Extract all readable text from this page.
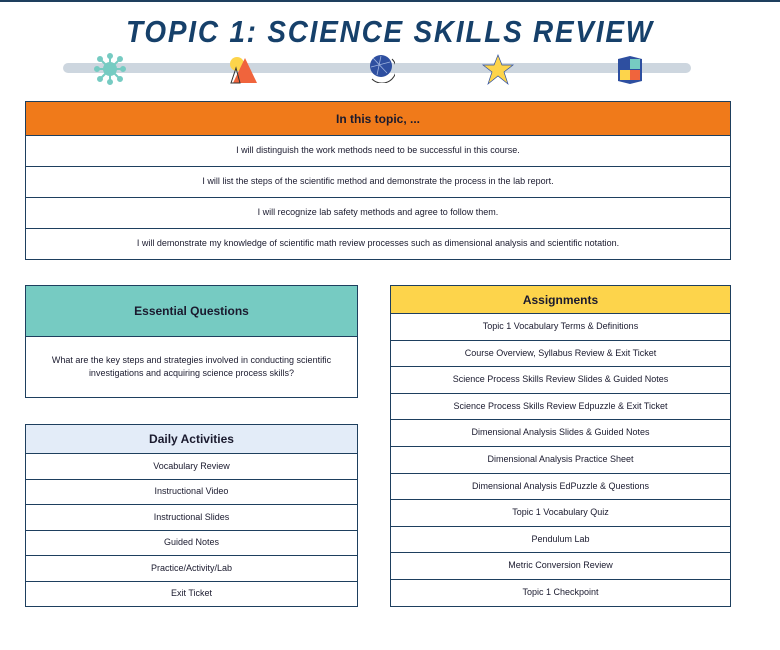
TOPIC 1: SCIENCE SKILLS REVIEW
In this topic, ...
I will distinguish the work methods need to be successful in this course.
I will list the steps of the scientific method and demonstrate the process in the lab report.
I will recognize lab safety methods and agree to follow them.
I will demonstrate my knowledge of scientific math review processes such as dimensional analysis and scientific notation.
Essential Questions
What are the key steps and strategies involved in conducting scientific investigations and acquiring science process skills?
Daily Activities
Vocabulary Review
Instructional Video
Instructional Slides
Guided Notes
Practice/Activity/Lab
Exit Ticket
Assignments
Topic 1 Vocabulary Terms & Definitions
Course Overview, Syllabus Review & Exit Ticket
Science Process Skills Review Slides & Guided Notes
Science Process Skills Review Edpuzzle & Exit Ticket
Dimensional Analysis Slides & Guided Notes
Dimensional Analysis Practice Sheet
Dimensional Analysis EdPuzzle & Questions
Topic 1 Vocabulary Quiz
Pendulum Lab
Metric Conversion Review
Topic 1 Checkpoint
